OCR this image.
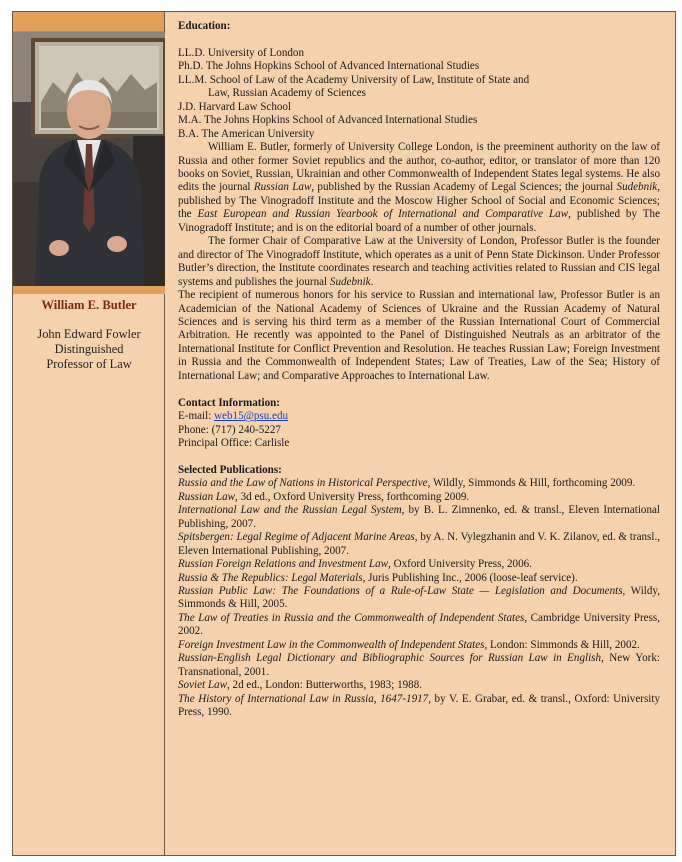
William E. Butler
John Edward Fowler
Distinguished
Professor of Law
Education:
LL.D. University of London
Ph.D. The Johns Hopkins School of Advanced International Studies
LL.M. School of Law of the Academy University of Law, Institute of State and
Law, Russian Academy of Sciences
J.D. Harvard Law School
M.A. The Johns Hopkins School of Advanced International Studies
B.A. The American University

William E. Butler, formerly of University College London, is the preeminent authority on the law of Russia and other former Soviet republics and the author, co-author, editor, or translator of more than 120 books on Soviet, Russian, Ukrainian and other Commonwealth of Independent States legal systems. He also edits the journal Russian Law, published by the Russian Academy of Legal Sciences; the journal Sudebnik, published by The Vinogradoff Institute and the Moscow Higher School of Social and Economic Sciences; the East European and Russian Yearbook of International and Comparative Law, published by The Vinogradoff Institute; and is on the editorial board of a number of other journals.

The former Chair of Comparative Law at the University of London, Professor Butler is the founder and director of The Vinogradoff Institute, which operates as a unit of Penn State Dickinson. Under Professor Butler’s direction, the Institute coordinates research and teaching activities related to Russian and CIS legal systems and publishes the journal Sudebnik.

The recipient of numerous honors for his service to Russian and international law, Professor Butler is an Academician of the National Academy of Sciences of Ukraine and the Russian Academy of Natural Sciences and is serving his third term as a member of the Russian International Court of Commercial Arbitration. He recently was appointed to the Panel of Distinguished Neutrals as an arbitrator of the International Institute for Conflict Prevention and Resolution. He teaches Russian Law; Foreign Investment in Russia and the Commonwealth of Independent States; Law of Treaties, Law of the Sea; History of International Law; and Comparative Approaches to International Law.

Contact Information:
E-mail: web15@psu.edu
Phone: (717) 240-5227
Principal Office: Carlisle
Selected Publications:

Russia and the Law of Nations in Historical Perspective, Wildly, Simmonds & Hill, forthcoming 2009.

Russian Law, 3d ed., Oxford University Press, forthcoming 2009.

International Law and the Russian Legal System, by B. L. Zimnenko, ed. & transl., Eleven International Publishing, 2007.

Spitsbergen: Legal Regime of Adjacent Marine Areas, by A. N. Vylegzhanin and V. K. Zilanov, ed. & transl., Eleven International Publishing, 2007.

Russian Foreign Relations and Investment Law, Oxford University Press, 2006.

Russia & The Republics: Legal Materials, Juris Publishing Inc., 2006 (loose-leaf service).

Russian Public Law: The Foundations of a Rule-of-Law State — Legislation and Documents, Wildy, Simmonds & Hill, 2005.

The Law of Treaties in Russia and the Commonwealth of Independent States, Cambridge University Press, 2002.

Foreign Investment Law in the Commonwealth of Independent States, London: Simmonds & Hill, 2002.

Russian-English Legal Dictionary and Bibliographic Sources for Russian Law in English, New York: Transnational, 2001.

Soviet Law, 2d ed., London: Butterworths, 1983; 1988.

The History of International Law in Russia, 1647-1917, by V. E. Grabar, ed. & transl., Oxford: University Press, 1990.
